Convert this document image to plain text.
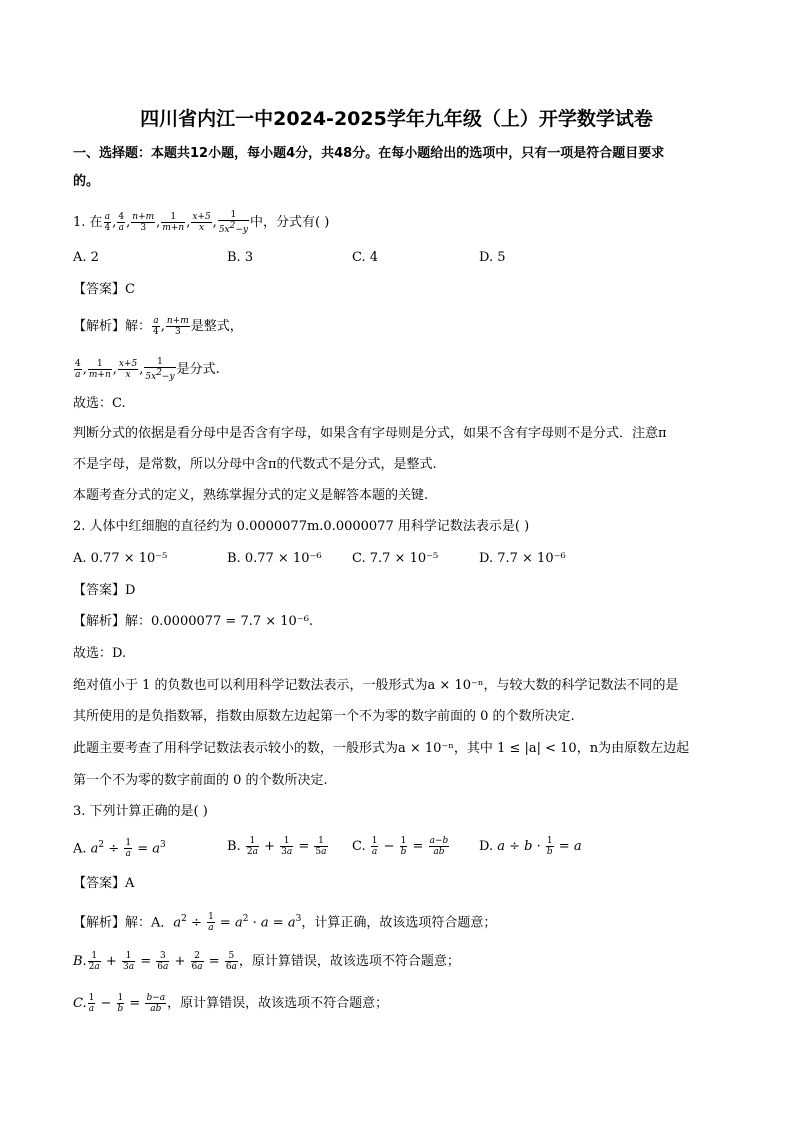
四川省内江一中2024-2025学年九年级（上）开学数学试卷
一、选择题：本题共12小题，每小题4分，共48分。在每小题给出的选项中，只有一项是符合题目要求
的。
1. 在 $\frac{a}{4}$ , $\frac{4}{a}$ , $\frac{n+m}{3}$ , $\frac{1}{m+n}$ , $\frac{x+5}{x}$ , $\frac{1}{5x^2-y}$ 中，分式有( )
A. 2	B. 3	C. 4	D. 5
【答案】C
【解析】解： $\frac{a}{4}$ , $\frac{n+m}{3}$ 是整式，
$\frac{4}{a}$ , $\frac{1}{m+n}$ , $\frac{x+5}{x}$ , $\frac{1}{5x^2-y}$ 是分式.
故选：C.
判断分式的依据是看分母中是否含有字母，如果含有字母则是分式，如果不含有字母则不是分式．注意π
不是字母，是常数，所以分母中含π的代数式不是分式，是整式.
本题考查分式的定义，熟练掌握分式的定义是解答本题的关键.
2. 人体中红细胞的直径约为 0.0000077m.0.0000077 用科学记数法表示是( )
A. 0.77 × 10⁻⁵	B. 0.77 × 10⁻⁶ C. 7.7 × 10⁻⁵	D. 7.7 × 10⁻⁶
【答案】D
【解析】解：0.0000077 = 7.7 × 10⁻⁶.
故选：D.
绝对值小于 1 的负数也可以利用科学记数法表示，一般形式为a × 10⁻ⁿ，与较大数的科学记数法不同的是
其所使用的是负指数幂，指数由原数左边起第一个不为零的数字前面的 0 的个数所决定.
此题主要考查了用科学记数法表示较小的数，一般形式为a × 10⁻ⁿ，其中 1 ≤ |a| < 10，n为由原数左边起
第一个不为零的数字前面的 0 的个数所决定.
3. 下列计算正确的是( )
A. $a^2 \div \frac{1}{a} = a^3$	B. $\frac{1}{2a} + \frac{1}{3a} = \frac{1}{5a} C$. $\frac{1}{a} - \frac{1}{b} = \frac{a-b}{ab} D$. $a \div b \cdot \frac{1}{b} = a$
【答案】A
【解析】解：A．$a^2 \div \frac{1}{a} = a^2 \cdot a = a^3$，计算正确，故该选项符合题意；
B. $\frac{1}{2a} + \frac{1}{3a} = \frac{3}{6a} + \frac{2}{6a} = \frac{5}{6a}$ ，原计算错误，故该选项不符合题意；
C. $\frac{1}{a} - \frac{1}{b} = \frac{b-a}{ab}$ ，原计算错误，故该选项不符合题意；
